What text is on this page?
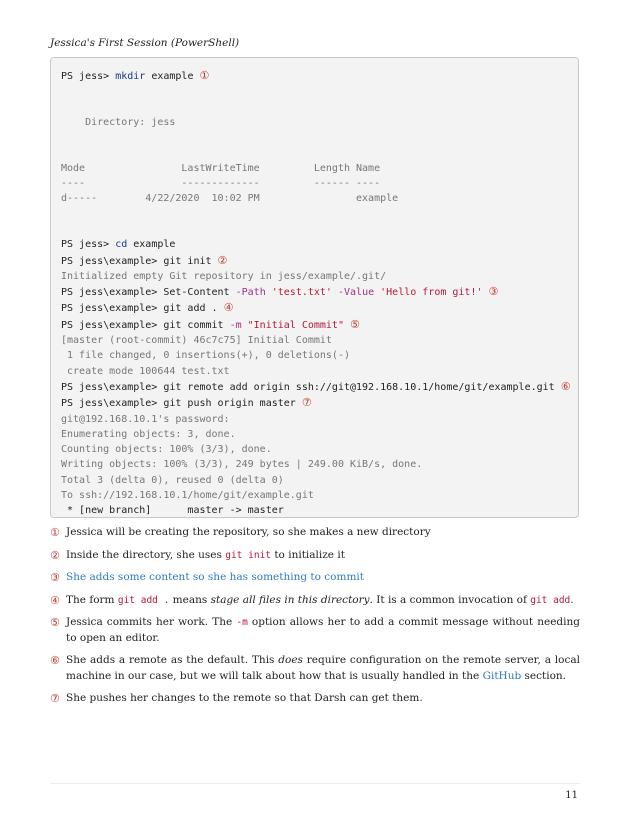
Jessica's First Session (PowerShell)
PS jess> mkdir example ①

Directory: jess

Mode                LastWriteTime         Length Name
----                -------------         ------ ----
d-----        4/22/2020  10:02 PM                example

PS jess> cd example
PS jess\example> git init ②
Initialized empty Git repository in jess/example/.git/
PS jess\example> Set-Content -Path 'test.txt' -Value 'Hello from git!' ③
PS jess\example> git add . ④
PS jess\example> git commit -m "Initial Commit" ⑤
[master (root-commit) 46c7c75] Initial Commit
1 file changed, 0 insertions(+), 0 deletions(-)
create mode 100644 test.txt
PS jess\example> git remote add origin ssh://git@192.168.10.1/home/git/example.git ⑥
PS jess\example> git push origin master ⑦
git@192.168.10.1's password:
Enumerating objects: 3, done.
Counting objects: 100% (3/3), done.
Writing objects: 100% (3/3), 249 bytes | 249.00 KiB/s, done.
Total 3 (delta 0), reused 0 (delta 0)
To ssh://192.168.10.1/home/git/example.git
* [new branch]      master -> master
① Jessica will be creating the repository, so she makes a new directory
② Inside the directory, she uses git init to initialize it
③ She adds some content so she has something to commit
④ The form git add . means stage all files in this directory. It is a common invocation of git add.
⑤ Jessica commits her work. The -m option allows her to add a commit message without needing to open an editor.
⑥ She adds a remote as the default. This does require configuration on the remote server, a local machine in our case, but we will talk about how that is usually handled in the GitHub section.
⑦ She pushes her changes to the remote so that Darsh can get them.
11
